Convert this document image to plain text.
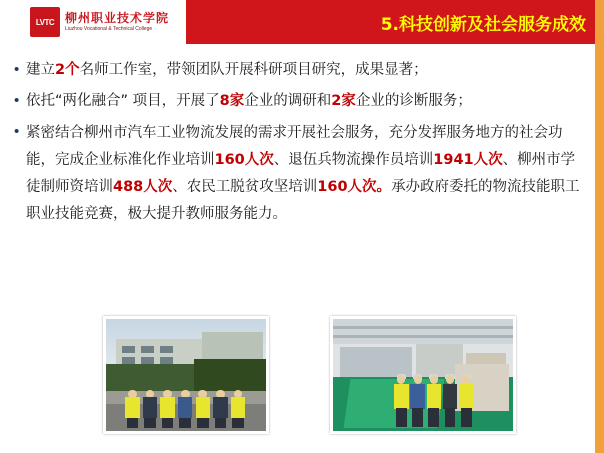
LVTC 柳州职业技术学院
Liuzhou Vocational & Technical College	5.科技创新及社会服务成效
• 建立2个名师工作室，带领团队开展科研项目研究，成果显著；
• 依托“两化融合” 项目，开展了8家企业的调研和2家企业的诊断服务；
• 紧密结合柳州市汽车工业物流发展的需求开展社会服务，充分发挥服务地方的社会功能，完成企业标准化作业培训160人次、退伍兵物流操作员培训1941人次、柳州市学徒制师资培训488人次、农民工脱贫攻坚培训160人次。承办政府委托的物流技能职工职业技能竞赛，极大提升教师服务能力。
